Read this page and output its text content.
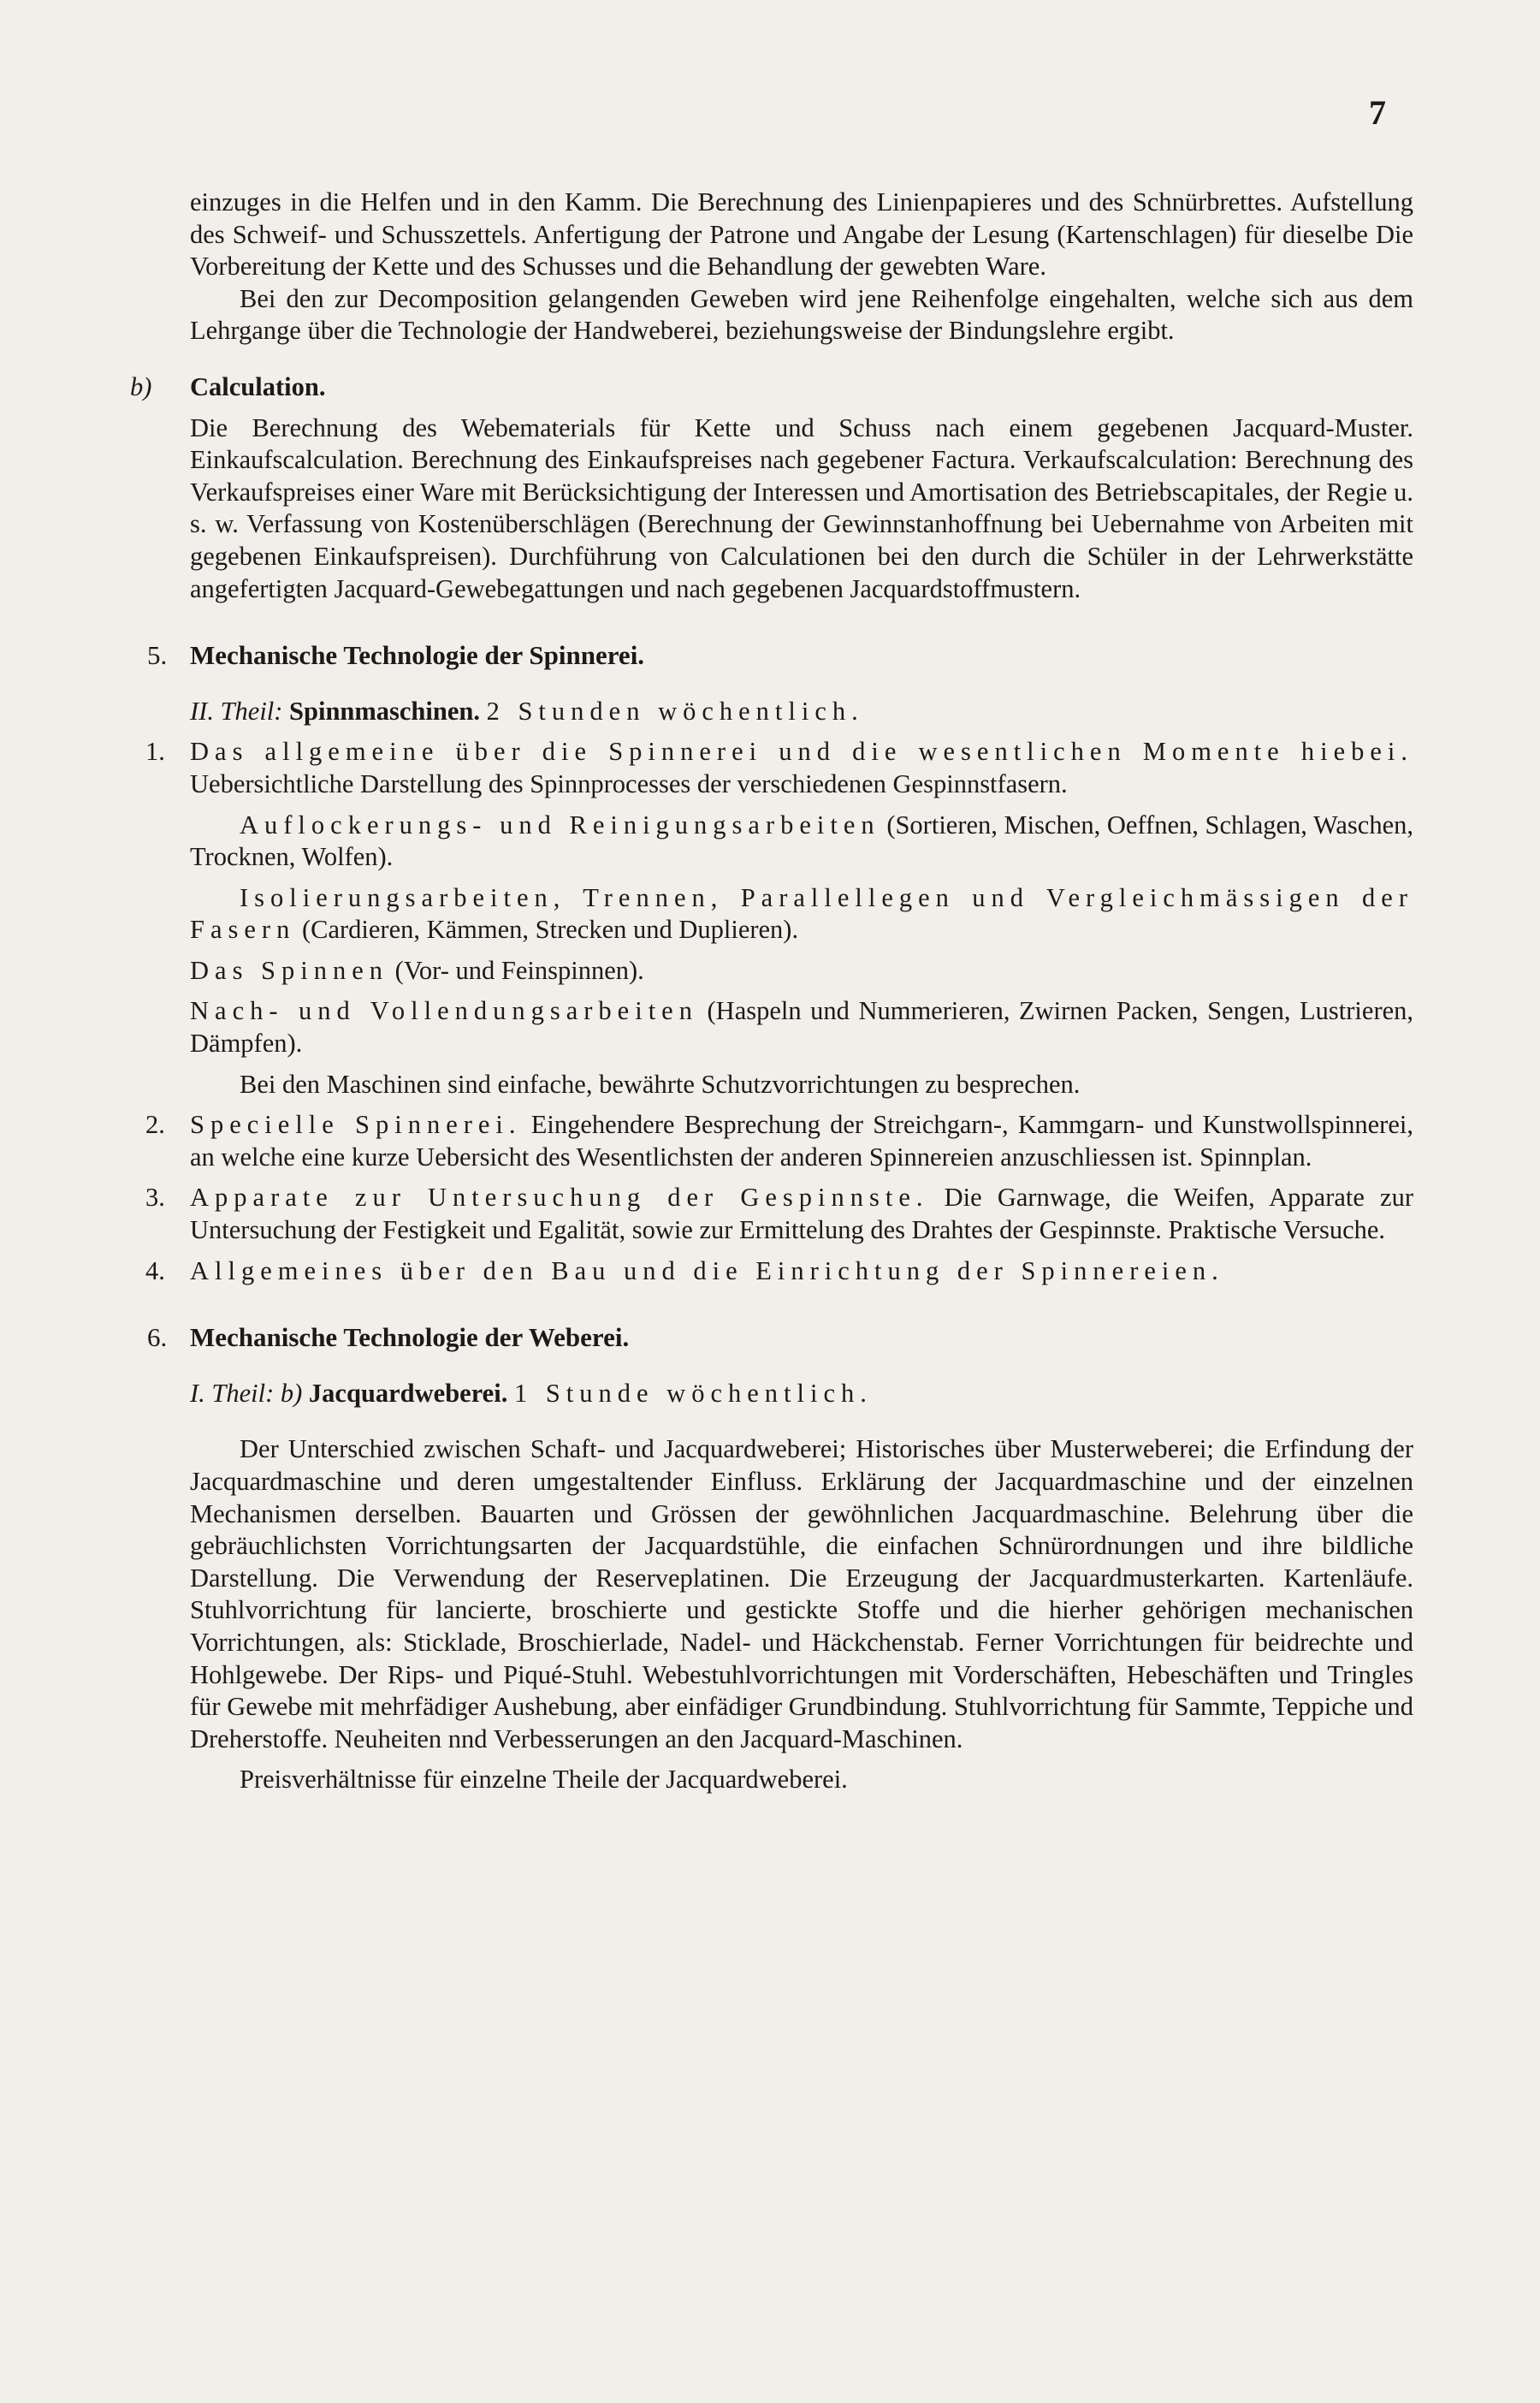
7

einzuges in die Helfen und in den Kamm. Die Berechnung des Linienpapieres und des Schnürbrettes. Aufstellung des Schweif- und Schusszettels. Anfertigung der Patrone und Angabe der Lesung (Kartenschlagen) für dieselbe Die Vorbereitung der Kette und des Schusses und die Behandlung der gewebten Ware.

Bei den zur Decomposition gelangenden Geweben wird jene Reihenfolge eingehalten, welche sich aus dem Lehrgange über die Technologie der Handweberei, beziehungsweise der Bindungslehre ergibt.

b) Calculation.

Die Berechnung des Webematerials für Kette und Schuss nach einem gegebenen Jacquard-Muster. Einkaufscalculation. Berechnung des Einkaufspreises nach gegebener Factura. Verkaufscalculation: Berechnung des Verkaufspreises einer Ware mit Berücksichtigung der Interessen und Amortisation des Betriebscapitales, der Regie u. s. w. Verfassung von Kostenüberschlägen (Berechnung der Gewinnstanhoffnung bei Uebernahme von Arbeiten mit gegebenen Einkaufspreisen). Durchführung von Calculationen bei den durch die Schüler in der Lehrwerkstätte angefertigten Jacquard-Gewebegattungen und nach gegebenen Jacquardstoffmustern.

5. Mechanische Technologie der Spinnerei.

II. Theil: Spinnmaschinen. 2 Stunden wöchentlich.

1. Das allgemeine über die Spinnerei und die wesentlichen Momente hiebei. Uebersichtliche Darstellung des Spinnprocesses der verschiedenen Gespinnstfasern.

Auflockerungs- und Reinigungsarbeiten (Sortieren, Mischen, Oeffnen, Schlagen, Waschen, Trocknen, Wolfen).

Isolierungsarbeiten, Trennen, Parallellegen und Vergleichmässigen der Fasern (Cardieren, Kämmen, Strecken und Duplieren).

Das Spinnen (Vor- und Feinspinnen).

Nach- und Vollendungsarbeiten (Haspeln und Nummerieren, Zwirnen Packen, Sengen, Lustrieren, Dämpfen).

Bei den Maschinen sind einfache, bewährte Schutzvorrichtungen zu besprechen.

2. Specielle Spinnerei. Eingehendere Besprechung der Streichgarn-, Kammgarn- und Kunstwollspinnerei, an welche eine kurze Uebersicht des Wesentlichsten der anderen Spinnereien anzuschliessen ist. Spinnplan.
3. Apparate zur Untersuchung der Gespinnste. Die Garnwage, die Weifen, Apparate zur Untersuchung der Festigkeit und Egalität, sowie zur Ermittelung des Drahtes der Gespinnste. Praktische Versuche.
4. Allgemeines über den Bau und die Einrichtung der Spinnereien.
6. Mechanische Technologie der Weberei.

I. Theil: b) Jacquardweberei. 1 Stunde wöchentlich.

Der Unterschied zwischen Schaft- und Jacquardweberei; Historisches über Musterweberei; die Erfindung der Jacquardmaschine und deren umgestaltender Einfluss. Erklärung der Jacquardmaschine und der einzelnen Mechanismen derselben. Bauarten und Grössen der gewöhnlichen Jacquardmaschine. Belehrung über die gebräuchlichsten Vorrichtungsarten der Jacquardstühle, die einfachen Schnürordnungen und ihre bildliche Darstellung. Die Verwendung der Reserveplatinen. Die Erzeugung der Jacquardmusterkarten. Kartenläufe. Stuhlvorrichtung für lancierte, broschierte und gestickte Stoffe und die hierher gehörigen mechanischen Vorrichtungen, als: Sticklade, Broschierlade, Nadel- und Häckchenstab. Ferner Vorrichtungen für beidrechte und Hohlgewebe. Der Rips- und Piqué-Stuhl. Webestuhlvorrichtungen mit Vorderschäften, Hebeschäften und Tringles für Gewebe mit mehrfädiger Aushebung, aber einfädiger Grundbindung. Stuhlvorrichtung für Sammte, Teppiche und Dreherstoffe. Neuheiten nnd Verbesserungen an den Jacquard-Maschinen.

Preisverhältnisse für einzelne Theile der Jacquardweberei.
